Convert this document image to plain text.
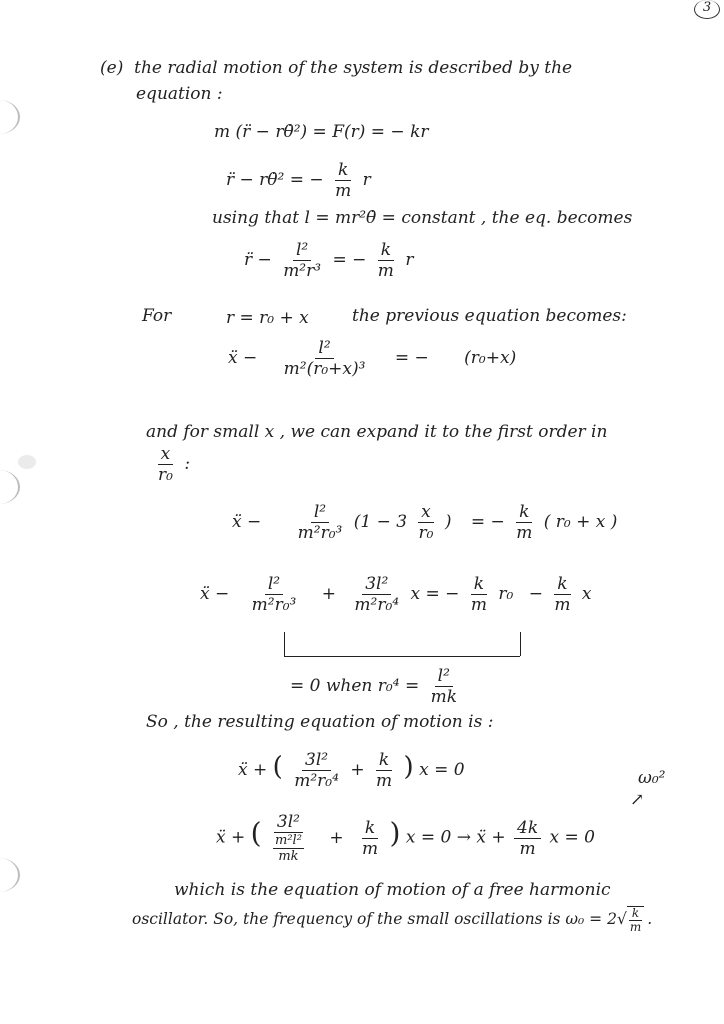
3
(e) the radial motion of the system is described by the
equation :
m (r̈ − rθ̇²) = F(r) = − kr
r̈ − rθ̇² = − $\frac{k}{m}$ r
using that l = mr²θ̇ = constant , the eq. becomes
r̈ − $\frac{\text{l²}}{\text{m²r³}}$ = − $\frac{k}{m}$ r
For	r = r₀ + x	the previous equation becomes:
ẍ − $\frac{\text{l²}}{\text{m²(r₀+x)³}}$ = − (r₀+x)
and for small x , we can expand it to the first order in
$\frac{x}{\text{r₀}}$ :
ẍ − $\frac{\text{l²}}{\text{m²r₀³}} (1 - 3 \frac{x}{\text{r₀}}$ ) = − $\frac{k}{m}$ ( r₀ + x )
ẍ − $\frac{\text{l²}}{\text{m²r₀³}} + \frac{\text{3l²}}{\text{m²r₀⁴}}$ x = − $\frac{k}{m} r_0 - \frac{k}{m}$ x
= 0 when $r_0^4 = \frac{\text{l²}}{mk}$
So , the resulting equation of motion is :
ẍ + ( $\frac{\text{3l²}}{\text{m²r₀⁴}} + \frac{k}{m}$ ) x = 0	ω₀²
↗
ẍ + ( 3l²
m²l²
mk + $\frac{k}{m}$ ) x = 0 → ẍ + $\frac{4k}{m}$ x = 0
which is the equation of motion of a free harmonic
oscillator. So, the frequency of the small oscillations is $\omega_0 = 2√ \frac{k}{m}$ .
